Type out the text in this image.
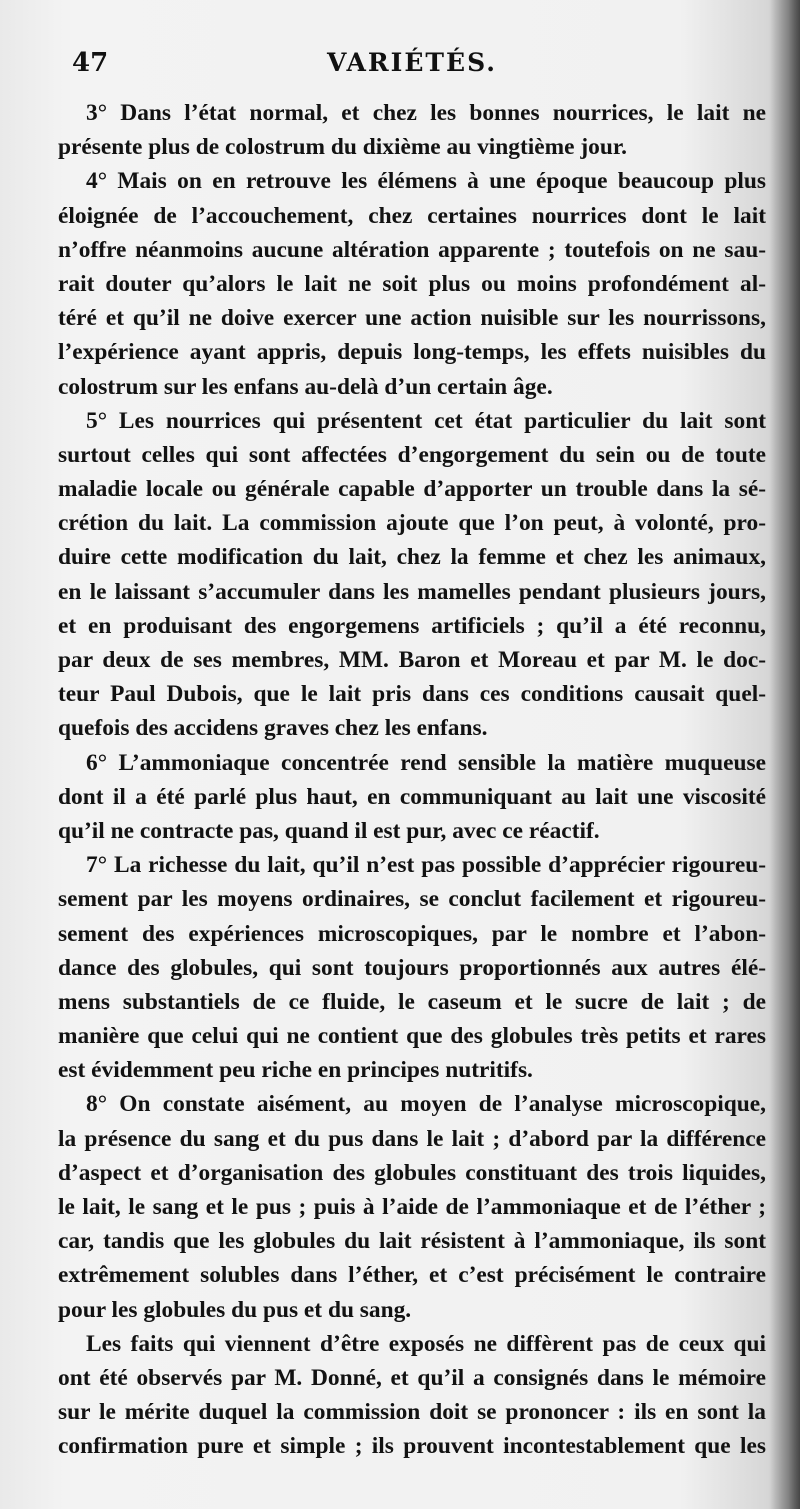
47	VARIÉTÉS.
3° Dans l’état normal, et chez les bonnes nourrices, le lait ne
présente plus de colostrum du dixième au vingtième jour.
4° Mais on en retrouve les élémens à une époque beaucoup plus
éloignée de l’accouchement, chez certaines nourrices dont le lait
n’offre néanmoins aucune altération apparente ; toutefois on ne sau-
rait douter qu’alors le lait ne soit plus ou moins profondément al-
téré et qu’il ne doive exercer une action nuisible sur les nourrissons,
l’expérience ayant appris, depuis long-temps, les effets nuisibles du
colostrum sur les enfans au-delà d’un certain âge.
5° Les nourrices qui présentent cet état particulier du lait sont
surtout celles qui sont affectées d’engorgement du sein ou de toute
maladie locale ou générale capable d’apporter un trouble dans la sé-
crétion du lait. La commission ajoute que l’on peut, à volonté, pro-
duire cette modification du lait, chez la femme et chez les animaux,
en le laissant s’accumuler dans les mamelles pendant plusieurs jours,
et en produisant des engorgemens artificiels ; qu’il a été reconnu,
par deux de ses membres, MM. Baron et Moreau et par M. le doc-
teur Paul Dubois, que le lait pris dans ces conditions causait quel-
quefois des accidens graves chez les enfans.
6° L’ammoniaque concentrée rend sensible la matière muqueuse
dont il a été parlé plus haut, en communiquant au lait une viscosité
qu’il ne contracte pas, quand il est pur, avec ce réactif.
7° La richesse du lait, qu’il n’est pas possible d’apprécier rigoureu-
sement par les moyens ordinaires, se conclut facilement et rigoureu-
sement des expériences microscopiques, par le nombre et l’abon-
dance des globules, qui sont toujours proportionnés aux autres élé-
mens substantiels de ce fluide, le caseum et le sucre de lait ; de
manière que celui qui ne contient que des globules très petits et rares
est évidemment peu riche en principes nutritifs.
8° On constate aisément, au moyen de l’analyse microscopique,
la présence du sang et du pus dans le lait ; d’abord par la différence
d’aspect et d’organisation des globules constituant des trois liquides,
le lait, le sang et le pus ; puis à l’aide de l’ammoniaque et de l’éther ;
car, tandis que les globules du lait résistent à l’ammoniaque, ils sont
extrêmement solubles dans l’éther, et c’est précisément le contraire
pour les globules du pus et du sang.
Les faits qui viennent d’être exposés ne diffèrent pas de ceux qui
ont été observés par M. Donné, et qu’il a consignés dans le mémoire
sur le mérite duquel la commission doit se prononcer : ils en sont la
confirmation pure et simple ; ils prouvent incontestablement que les
